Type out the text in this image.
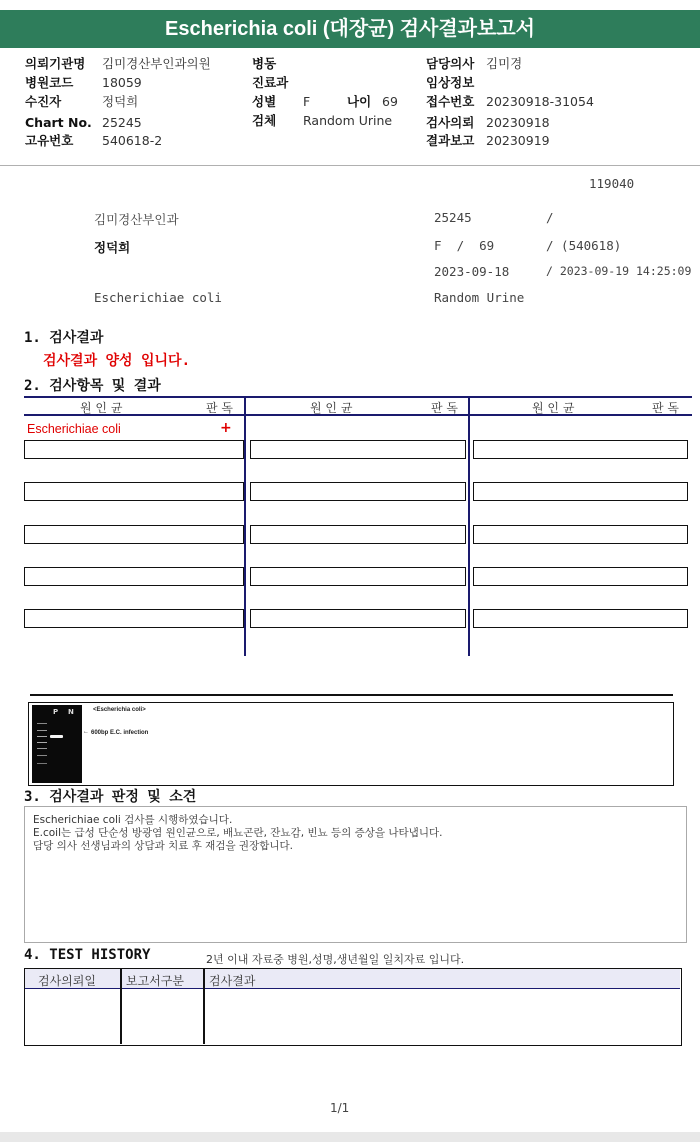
Escherichia coli (대장균) 검사결과보고서
의뢰기관명 김미경산부인과의원
병원코드 18059
수진자	정덕희
Chart No. 25245
고유번호 540618-2
병동
진료과
성별 F	나이 69
검체 Random Urine
담당의사 김미경
임상정보
접수번호 20230918-31054
검사의뢰 20230918
결과보고 20230919
119040
김미경산부인과	25245	/
정덕희	F  /  69	/ (540618)
2023-09-18	/ 2023-09-19 14:25:09
Escherichiae coli	Random Urine
1. 검사결과
검사결과 양성 입니다.
2. 검사항목 및 결과
원 인 균	판 독	원 인 균	판 독	원 인 균	판 독
Escherichiae coli	+
P N	<Escherichia coli>
← 600bp E.C. infection
3. 검사결과 판정 및 소견
Escherichiae coli 검사를 시행하였습니다.
E.coil는 급성 단순성 방광염 원인균으로, 배뇨곤란, 잔뇨감, 빈뇨 등의 증상을 나타냅니다.
담당 의사 선생님과의 상담과 치료 후 재검을 권장합니다.
4. TEST HISTORY	2년 이내 자료중 병원,성명,생년월일 일치자료 입니다.
검사의뢰일	보고서구분 검사결과
1/1
